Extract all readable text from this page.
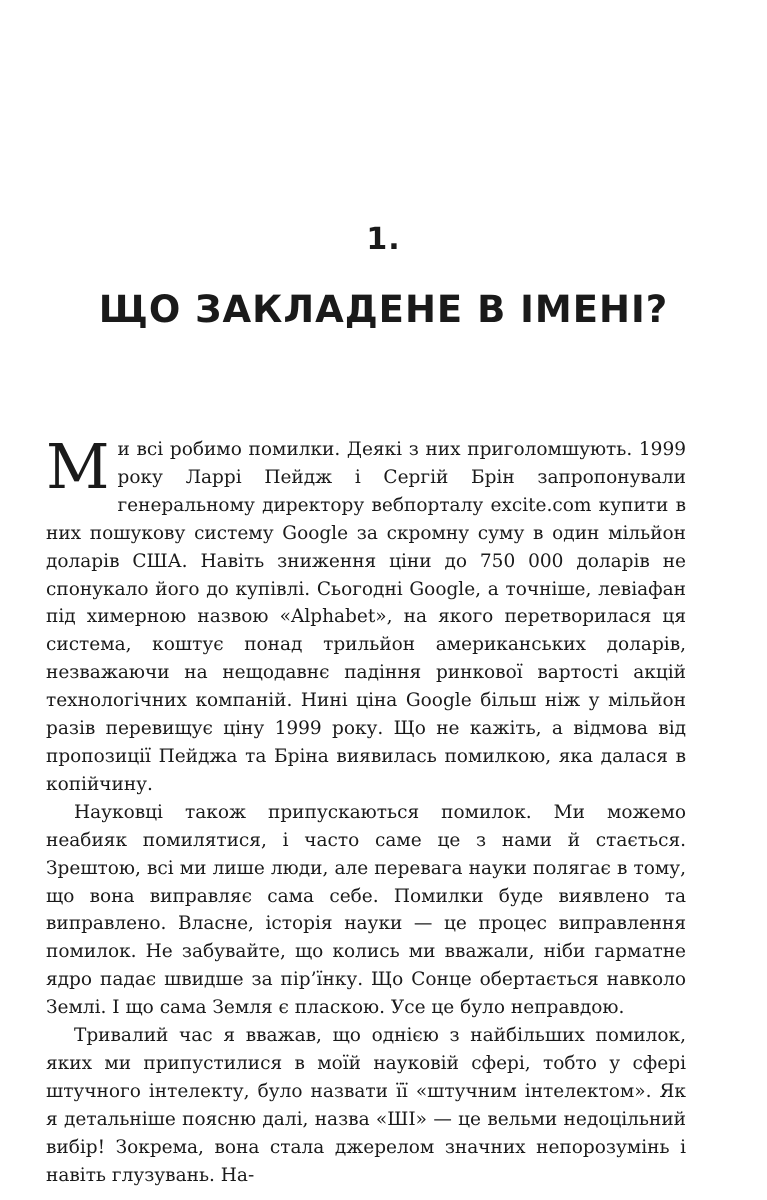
1.
ЩО ЗАКЛАДЕНЕ В ІМЕНІ?

Ми всі робимо помилки. Деякі з них приголомшують. 1999 року Ларрі Пейдж і Сергій Брін запропонували генеральному директору вебпорталу excite.com купити в них пошукову систему Google за скромну суму в один мільйон доларів США. Навіть зниження ціни до 750 000 доларів не спонукало його до купівлі. Сьогодні Google, а точніше, левіафан під химерною назвою «Alphabet», на якого перетворилася ця система, коштує понад трильйон американських доларів, незважаючи на нещодавнє падіння ринкової вартості акцій технологічних компаній. Нині ціна Google більш ніж у мільйон разів перевищує ціну 1999 року. Що не кажіть, а відмова від пропозиції Пейджа та Бріна виявилась помилкою, яка далася в копійчину.

Науковці також припускаються помилок. Ми можемо неабияк помилятися, і часто саме це з нами й стається. Зрештою, всі ми лише люди, але перевага науки полягає в тому, що вона виправляє сама себе. Помилки буде виявлено та виправлено. Власне, історія науки — це процес виправлення помилок. Не забувайте, що колись ми вважали, ніби гарматне ядро падає швидше за пір’їнку. Що Сонце обертається навколо Землі. І що сама Земля є пласкою. Усе це було неправдою.

Тривалий час я вважав, що однією з найбільших помилок, яких ми припустилися в моїй науковій сфері, тобто у сфері штучного інтелекту, було назвати її «штучним інтелектом». Як я детальніше поясню далі, назва «ШІ» — це вельми недоцільний вибір! Зокрема, вона стала джерелом значних непорозумінь і навіть глузувань. На-
